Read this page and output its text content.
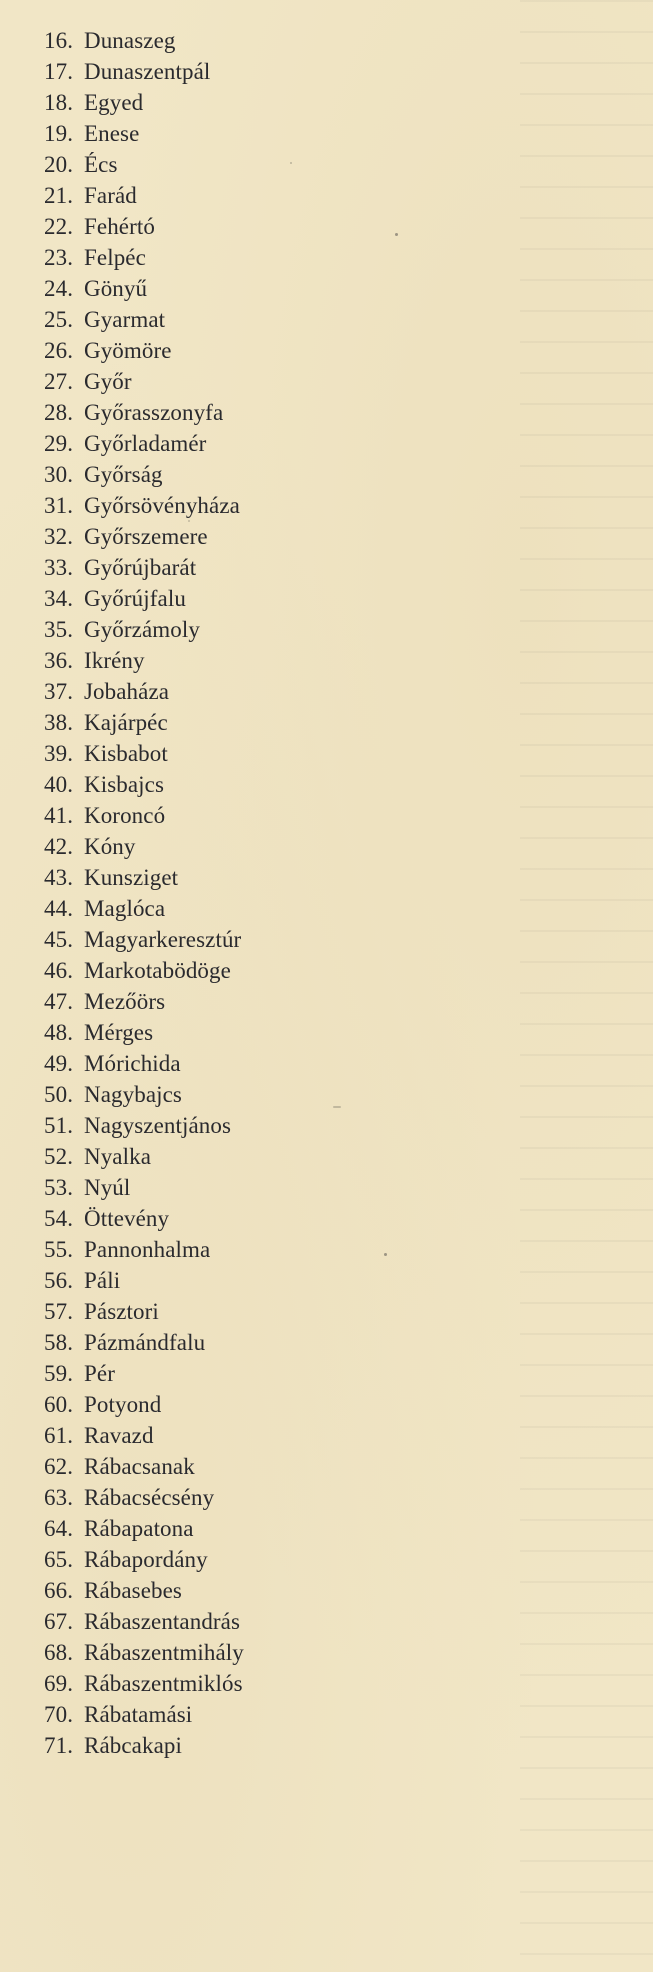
16. Dunaszeg
17. Dunaszentpál
18. Egyed
19. Enese
20. Écs
21. Farád
22. Fehértó
23. Felpéc
24. Gönyű
25. Gyarmat
26. Gyömöre
27. Győr
28. Győrasszonyfa
29. Győrladamér
30. Győrság
31. Győrsövényháza
32. Győrszemere
33. Győrújbarát
34. Győrújfalu
35. Győrzámoly
36. Ikrény
37. Jobaháza
38. Kajárpéc
39. Kisbabot
40. Kisbajcs
41. Koroncó
42. Kóny
43. Kunsziget
44. Maglóca
45. Magyarkeresztúr
46. Markotabödöge
47. Mezőörs
48. Mérges
49. Mórichida
50. Nagybajcs
51. Nagyszentjános
52. Nyalka
53. Nyúl
54. Öttevény
55. Pannonhalma
56. Páli
57. Pásztori
58. Pázmándfalu
59. Pér
60. Potyond
61. Ravazd
62. Rábacsanak
63. Rábacsécsény
64. Rábapatona
65. Rábapordány
66. Rábasebes
67. Rábaszentandrás
68. Rábaszentmihály
69. Rábaszentmiklós
70. Rábatamási
71. Rábcakapi
